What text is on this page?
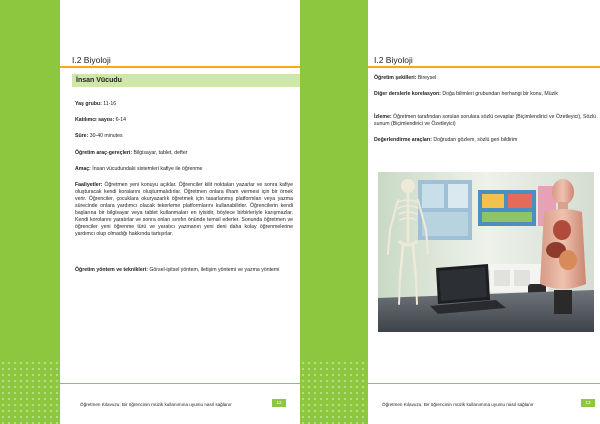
I.2 Biyoloji
İnsan Vücudu
Yaş grubu: 11-16
Katılımcı sayısı: 6-14
Süre: 30-40 minutes
Öğretim araç-gereçleri: Bilgisayar, tablet, defter
Amaç: İnsan vücudundaki sistemleri kafiye ile öğrenme
Faaliyetler: Öğretmen yeni konuyu açıklar. Öğrenciler kilit noktaları yazarlar ve sonra kafiye oluşturacak kendi koralarını oluşturmalıdırlar. Öğretmen onlara ilham vermesi için bir örnek verir. Öğrenciler, çocuklara okuryazarlık öğretmek için tasarlanmış platformları veya yazma sürecinde onlara yardımcı olacak tekerleme platformlarını kullanabilirler. Öğrencilerin kendi başlarına bir bilgisayar veya tablet kullanmaları en iyisidir, böylece birbirleriyle karışmazlar. Kendi korolarını yaratırlar ve sonra onları sınıfın önünde temsil ederler. Sonunda öğretmen ve öğrenciler yeni öğrenme türü ve yaratıcı yazmanın yeni deni daha kolay öğrenmelerine yardımcı olup olmadığı hakkında tartışırlar.
Öğretim yöntem ve teknikleri: Görsel-işitsel yöntem, iletişim yöntemi ve yazma yöntemi
Öğretmen Kılavuzu: Bir öğrencinin müzik kullanımına uyumu nasıl sağlanır	12
I.2 Biyoloji
Öğretim şekilleri: Bireysel
Diğer derslerle korelasyon: Doğa bilimleri grubundan herhangi bir konu, Müzik
İzleme: Öğretmen tarafından sorulan sorulara sözlü cevaplar (Biçimlendirici ve Özetleyici), Sözlü sunum (Biçimlendirici ve Özetleyici)
Değerlendirme araçları: Doğrudan gözlem, sözlü geri bildirim
Öğretmen Kılavuzu: Bir öğrencinin müzik kullanımına uyumu nasıl sağlanır	13
